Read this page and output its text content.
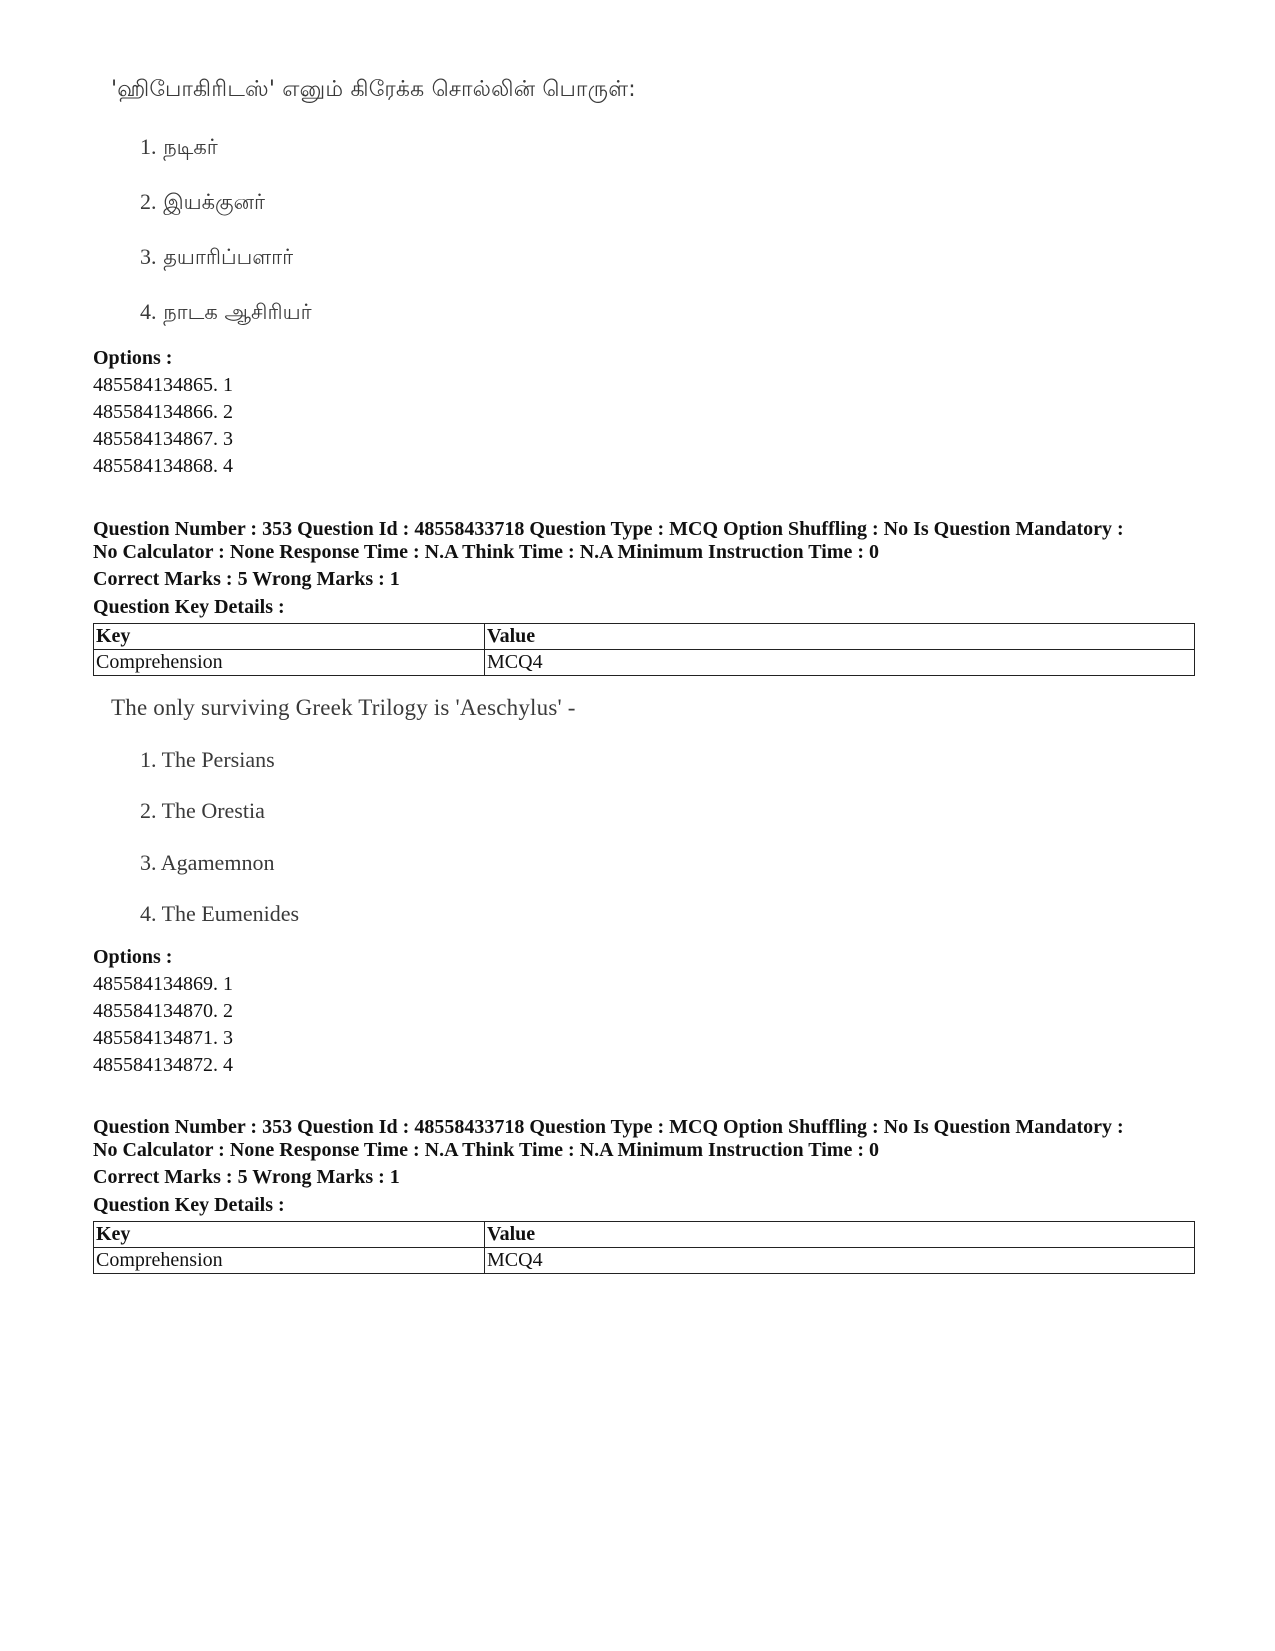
'ஹிபோகிரிடஸ்' எனும் கிரேக்க சொல்லின் பொருள்:
1. நடிகர்
2. இயக்குனர்
3. தயாரிப்பளார்
4. நாடக ஆசிரியர்
Options :
485584134865. 1
485584134866. 2
485584134867. 3
485584134868. 4
Question Number : 353 Question Id : 48558433718 Question Type : MCQ Option Shuffling : No Is Question Mandatory :
No Calculator : None Response Time : N.A Think Time : N.A Minimum Instruction Time : 0
Correct Marks : 5 Wrong Marks : 1
Question Key Details :
Key	Value
Comprehension	MCQ4
The only surviving Greek Trilogy is 'Aeschylus' -
1. The Persians
2. The Orestia
3. Agamemnon
4. The Eumenides
Options :
485584134869. 1
485584134870. 2
485584134871. 3
485584134872. 4
Question Number : 353 Question Id : 48558433718 Question Type : MCQ Option Shuffling : No Is Question Mandatory :
No Calculator : None Response Time : N.A Think Time : N.A Minimum Instruction Time : 0
Correct Marks : 5 Wrong Marks : 1
Question Key Details :
Key	Value
Comprehension	MCQ4
